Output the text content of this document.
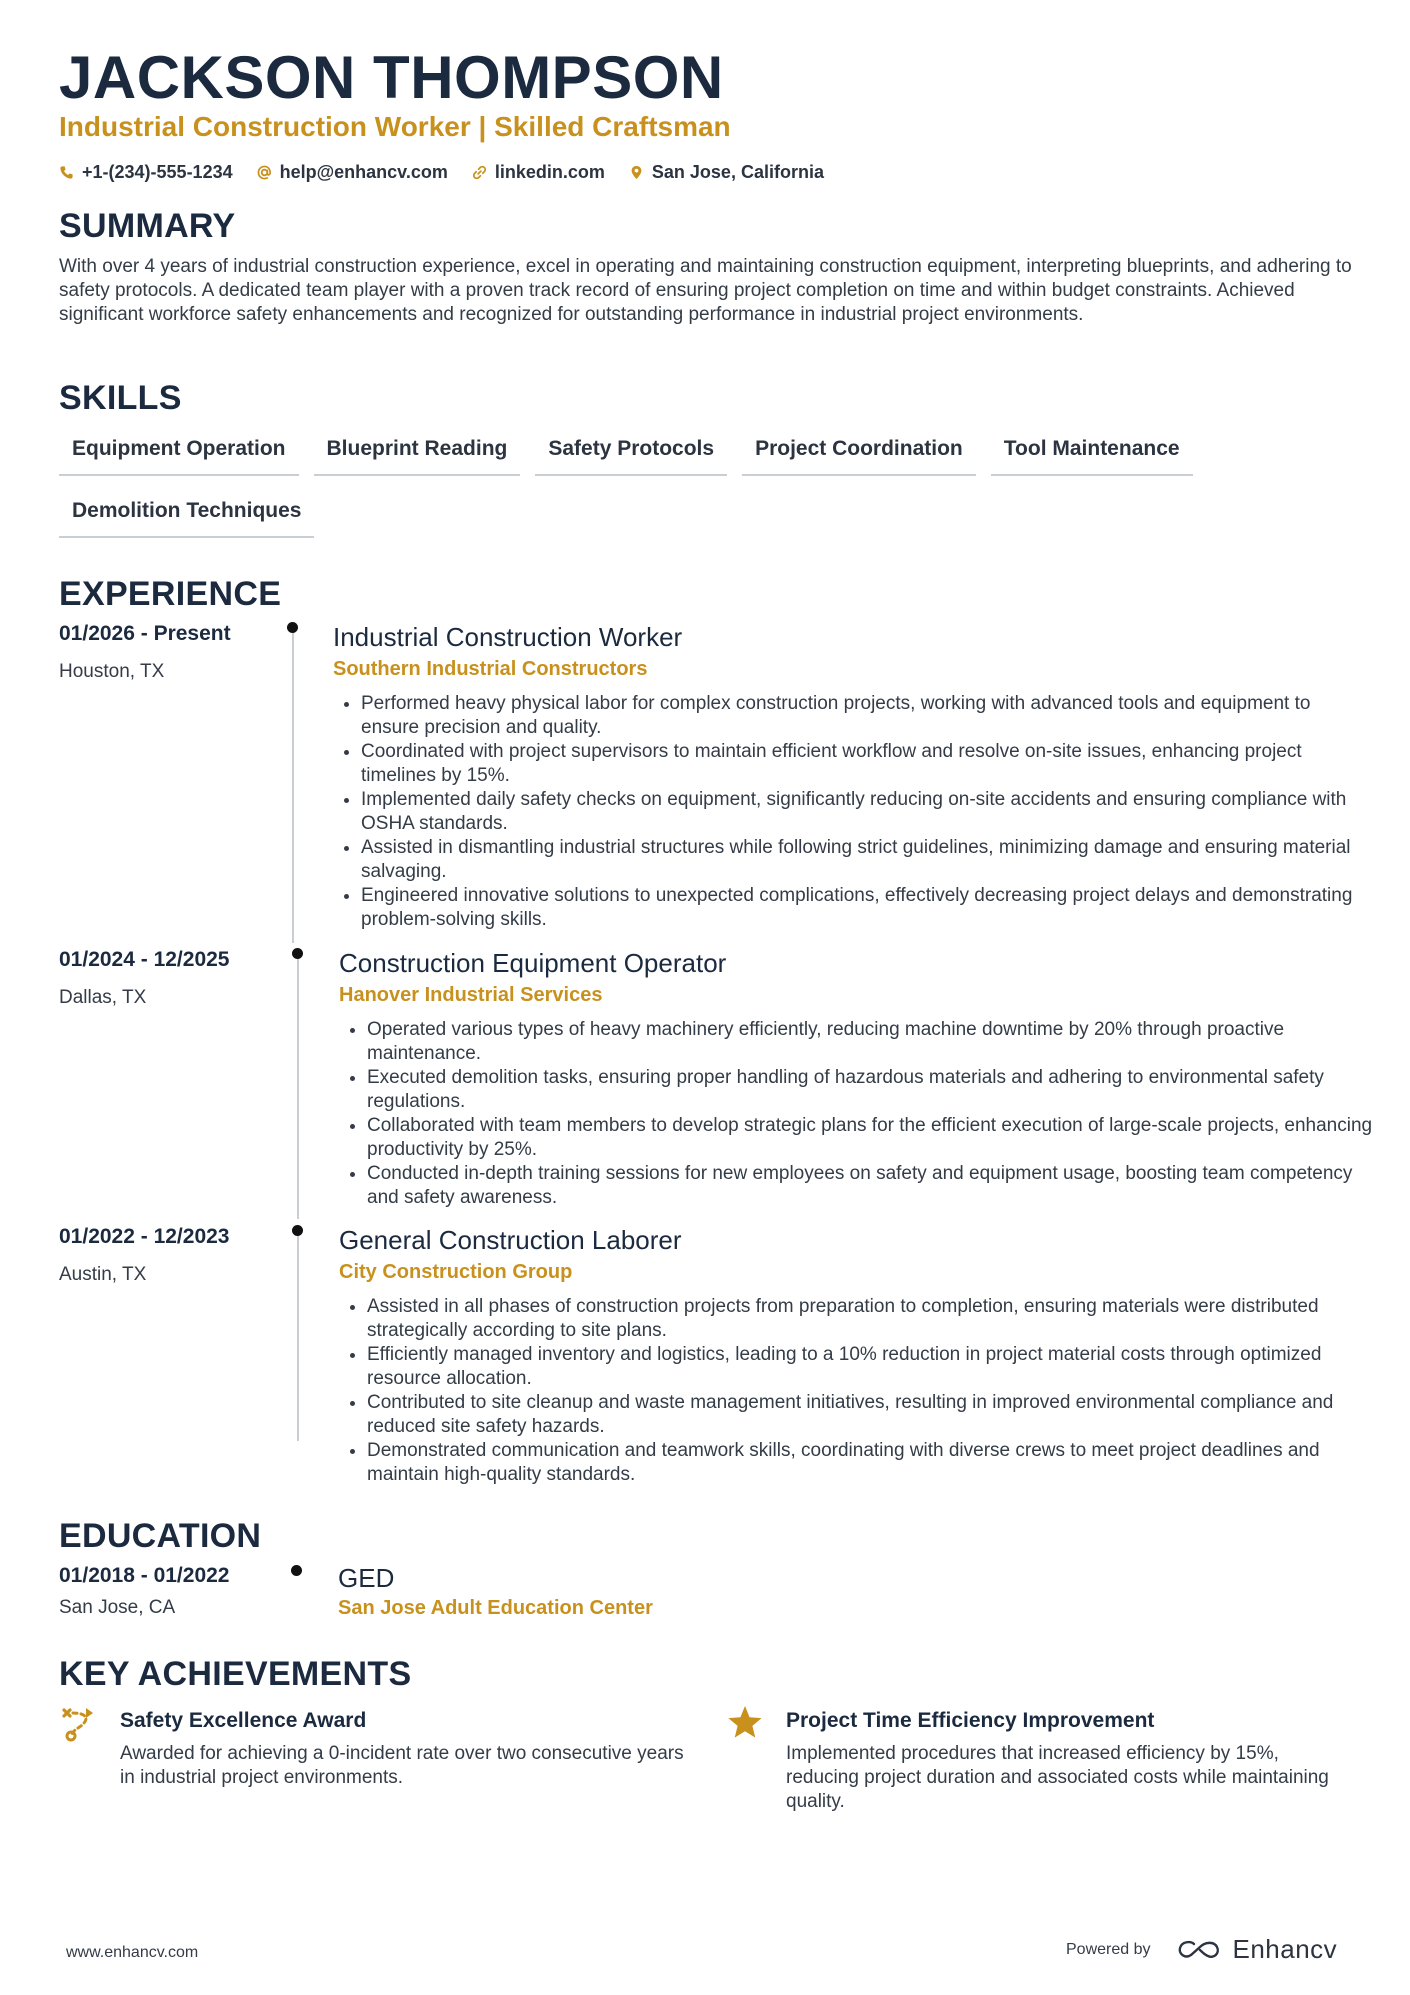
JACKSON THOMPSON
Industrial Construction Worker | Skilled Craftsman
+1-(234)-555-1234	help@enhancv.com	linkedin.com	San Jose, California
SUMMARY
With over 4 years of industrial construction experience, excel in operating and maintaining construction equipment, interpreting blueprints, and adhering to safety protocols. A dedicated team player with a proven track record of ensuring project completion on time and within budget constraints. Achieved significant workforce safety enhancements and recognized for outstanding performance in industrial project environments.
SKILLS
Equipment Operation	Blueprint Reading	Safety Protocols	Project Coordination	Tool Maintenance
Demolition Techniques
EXPERIENCE
01/2026 - Present
Houston, TX
Industrial Construction Worker
Southern Industrial Constructors
• Performed heavy physical labor for complex construction projects, working with advanced tools and equipment to ensure precision and quality.
• Coordinated with project supervisors to maintain efficient workflow and resolve on-site issues, enhancing project timelines by 15%.
• Implemented daily safety checks on equipment, significantly reducing on-site accidents and ensuring compliance with OSHA standards.
• Assisted in dismantling industrial structures while following strict guidelines, minimizing damage and ensuring material salvaging.
• Engineered innovative solutions to unexpected complications, effectively decreasing project delays and demonstrating problem-solving skills.
01/2024 - 12/2025
Dallas, TX
Construction Equipment Operator
Hanover Industrial Services
• Operated various types of heavy machinery efficiently, reducing machine downtime by 20% through proactive maintenance.
• Executed demolition tasks, ensuring proper handling of hazardous materials and adhering to environmental safety regulations.
• Collaborated with team members to develop strategic plans for the efficient execution of large-scale projects, enhancing productivity by 25%.
• Conducted in-depth training sessions for new employees on safety and equipment usage, boosting team competency and safety awareness.
01/2022 - 12/2023
Austin, TX
General Construction Laborer
City Construction Group
• Assisted in all phases of construction projects from preparation to completion, ensuring materials were distributed strategically according to site plans.
• Efficiently managed inventory and logistics, leading to a 10% reduction in project material costs through optimized resource allocation.
• Contributed to site cleanup and waste management initiatives, resulting in improved environmental compliance and reduced site safety hazards.
• Demonstrated communication and teamwork skills, coordinating with diverse crews to meet project deadlines and maintain high-quality standards.
EDUCATION
01/2018 - 01/2022
San Jose, CA
GED
San Jose Adult Education Center
KEY ACHIEVEMENTS
Safety Excellence Award
Awarded for achieving a 0-incident rate over two consecutive years in industrial project environments.
Project Time Efficiency Improvement
Implemented procedures that increased efficiency by 15%, reducing project duration and associated costs while maintaining quality.
www.enhancv.com	Powered by	Enhancv
